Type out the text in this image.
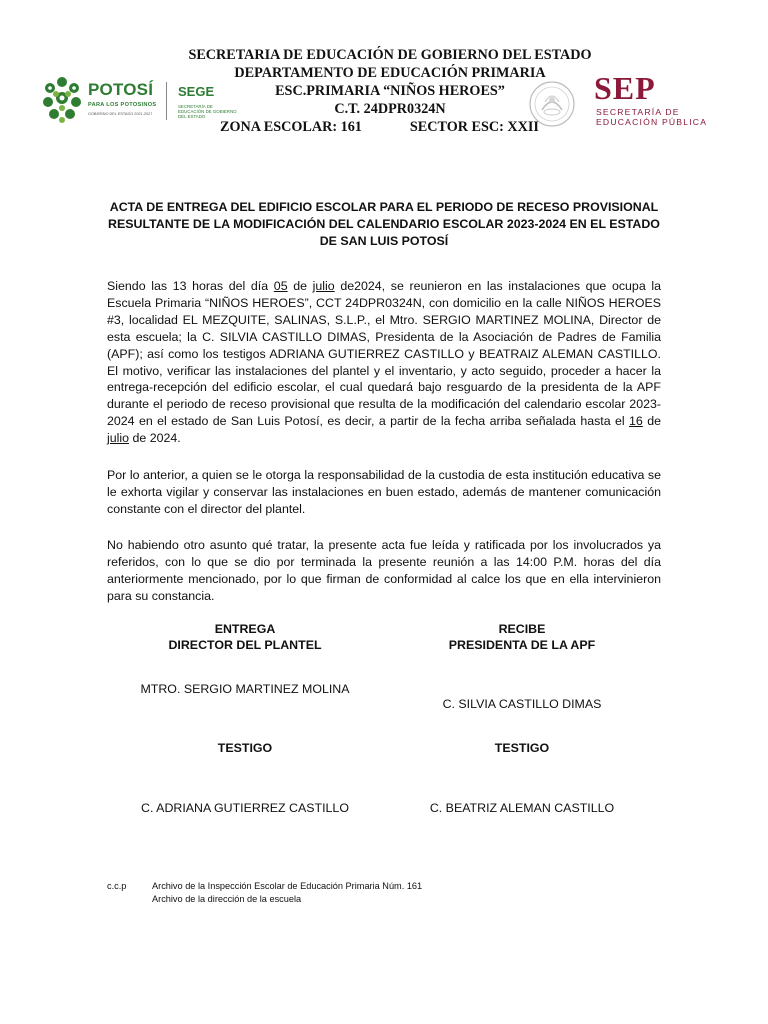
POTOSÍ
PARA LOS POTOSINOS
GOBIERNO DEL ESTADO 2021-2027
SEGE
SECRETARÍA DE EDUCACIÓN DE GOBIERNO DEL ESTADO
SECRETARIA DE EDUCACIÓN DE GOBIERNO DEL ESTADO
DEPARTAMENTO DE EDUCACIÓN PRIMARIA
ESC.PRIMARIA “NIÑOS HEROES”
C.T. 24DPR0324N
ZONA ESCOLAR: 161	SECTOR ESC: XXII
SEP
SECRETARÍA DE
EDUCACIÓN PÚBLICA
ACTA DE ENTREGA DEL EDIFICIO ESCOLAR PARA EL PERIODO DE RECESO PROVISIONAL RESULTANTE DE LA MODIFICACIÓN DEL CALENDARIO ESCOLAR 2023-2024 EN EL ESTADO DE SAN LUIS POTOSÍ

Siendo las 13 horas del día 05 de julio de2024, se reunieron en las instalaciones que ocupa la Escuela Primaria “NIÑOS HEROES”, CCT 24DPR0324N, con domicilio en la calle NIÑOS HEROES #3, localidad EL MEZQUITE, SALINAS, S.L.P., el Mtro. SERGIO MARTINEZ MOLINA, Director de esta escuela; la C. SILVIA CASTILLO DIMAS, Presidenta de la Asociación de Padres de Familia (APF); así como los testigos ADRIANA GUTIERREZ CASTILLO y BEATRAIZ ALEMAN CASTILLO. El motivo, verificar las instalaciones del plantel y el inventario, y acto seguido, proceder a hacer la entrega-recepción del edificio escolar, el cual quedará bajo resguardo de la presidenta de la APF durante el periodo de receso provisional que resulta de la modificación del calendario escolar 2023-2024 en el estado de San Luis Potosí, es decir, a partir de la fecha arriba señalada hasta el 16 de julio de 2024.

Por lo anterior, a quien se le otorga la responsabilidad de la custodia de esta institución educativa se le exhorta vigilar y conservar las instalaciones en buen estado, además de mantener comunicación constante con el director del plantel.

No habiendo otro asunto qué tratar, la presente acta fue leída y ratificada por los involucrados ya referidos, con lo que se dio por terminada la presente reunión a las 14:00 P.M. horas del día anteriormente mencionado, por lo que firman de conformidad al calce los que en ella intervinieron para su constancia.

ENTREGA
DIRECTOR DEL PLANTEL
RECIBE
PRESIDENTA DE LA APF
MTRO. SERGIO MARTINEZ MOLINA
C. SILVIA CASTILLO DIMAS
TESTIGO	TESTIGO
C. ADRIANA GUTIERREZ CASTILLO	C. BEATRIZ ALEMAN CASTILLO
c.c.p	Archivo de la Inspección Escolar de Educación Primaria Núm. 161
Archivo de la dirección de la escuela
